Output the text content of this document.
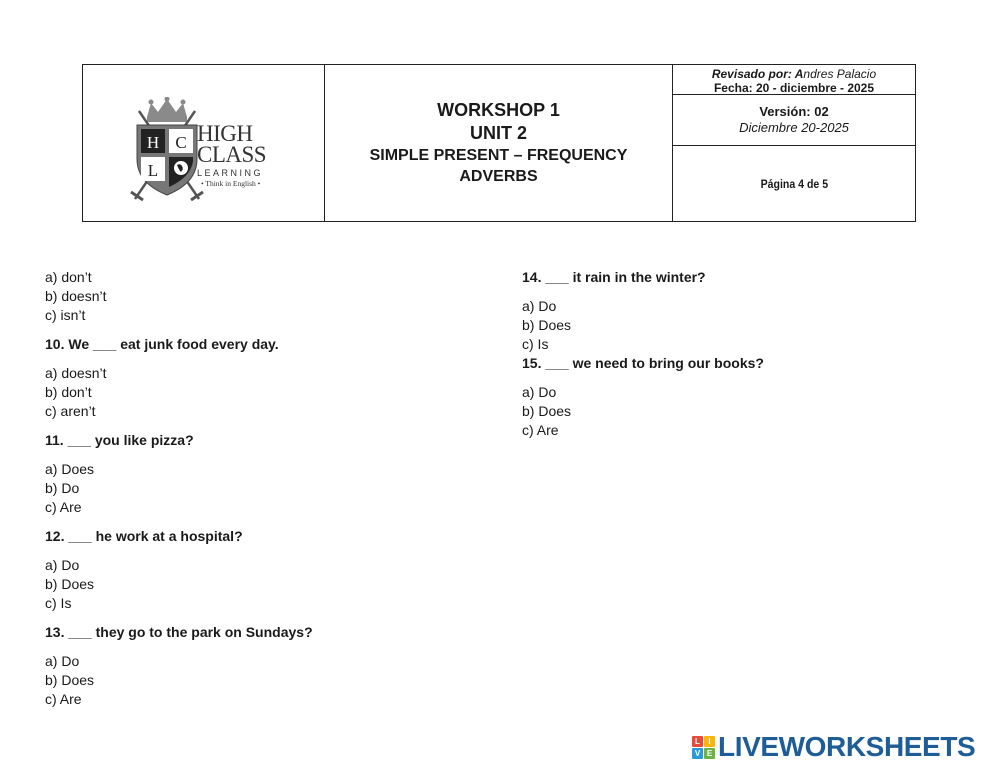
H C
L
HIGH
CLASS
LEARNING
• Think in English •
WORKSHOP 1
UNIT 2
SIMPLE PRESENT – FREQUENCY
ADVERBS
Revisado por: Andres Palacio
Fecha: 20 - diciembre - 2025
Versión: 02
Diciembre 20-2025
Página 4 de 5
a) don’t
b) doesn’t
c) isn’t
10. We ___ eat junk food every day.
a) doesn’t
b) don’t
c) aren’t
11. ___ you like pizza?
a) Does
b) Do
c) Are
12. ___ he work at a hospital?
a) Do
b) Does
c) Is
13. ___ they go to the park on Sundays?
a) Do
b) Does
c) Are
14. ___ it rain in the winter?
a) Do
b) Does
c) Is
15. ___ we need to bring our books?
a) Do
b) Does
c) Are
L	I
V E LIVEWORKSHEETS
